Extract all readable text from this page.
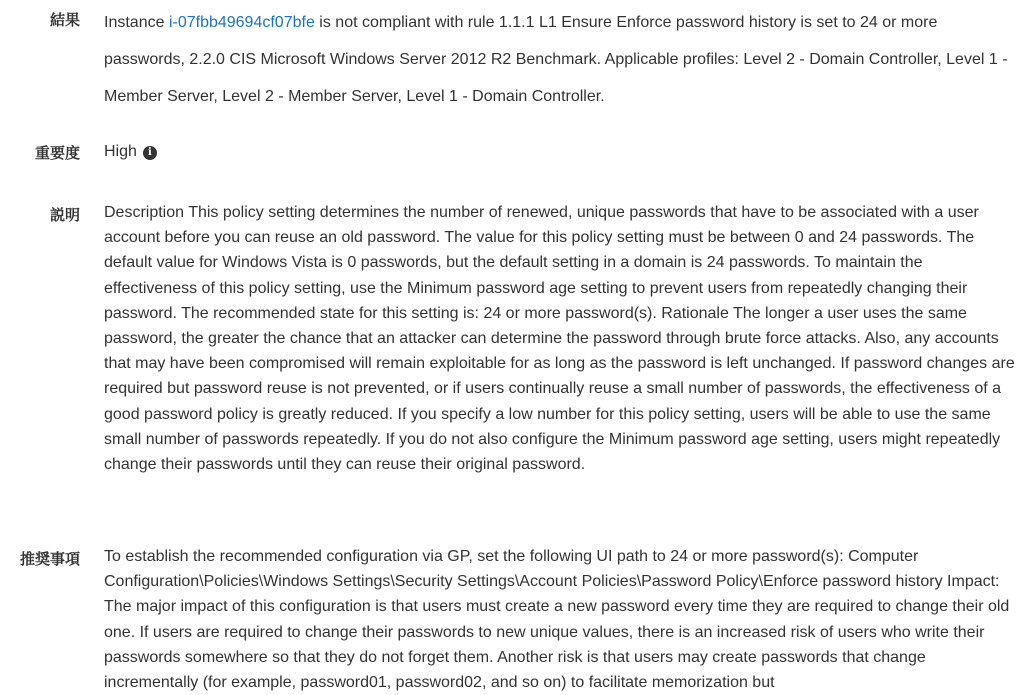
結果 Instance i-07fbb49694cf07bfe is not compliant with rule 1.1.1 L1 Ensure Enforce password history is set to 24 or more passwords, 2.2.0 CIS Microsoft Windows Server 2012 R2 Benchmark. Applicable profiles: Level 2 - Domain Controller, Level 1 - Member Server, Level 2 - Member Server, Level 1 - Domain Controller.
重要度 High i
説明 Description This policy setting determines the number of renewed, unique passwords that have to be associated with a user account before you can reuse an old password. The value for this policy setting must be between 0 and 24 passwords. The default value for Windows Vista is 0 passwords, but the default setting in a domain is 24 passwords. To maintain the effectiveness of this policy setting, use the Minimum password age setting to prevent users from repeatedly changing their password. The recommended state for this setting is: 24 or more password(s). Rationale The longer a user uses the same password, the greater the chance that an attacker can determine the password through brute force attacks. Also, any accounts that may have been compromised will remain exploitable for as long as the password is left unchanged. If password changes are required but password reuse is not prevented, or if users continually reuse a small number of passwords, the effectiveness of a good password policy is greatly reduced. If you specify a low number for this policy setting, users will be able to use the same small number of passwords repeatedly. If you do not also configure the Minimum password age setting, users might repeatedly change their passwords until they can reuse their original password.
推奨事項 To establish the recommended configuration via GP, set the following UI path to 24 or more password(s): Computer Configuration\Policies\Windows Settings\Security Settings\Account Policies\Password Policy\Enforce password history Impact: The major impact of this configuration is that users must create a new password every time they are required to change their old one. If users are required to change their passwords to new unique values, there is an increased risk of users who write their passwords somewhere so that they do not forget them. Another risk is that users may create passwords that change incrementally (for example, password01, password02, and so on) to facilitate memorization but
